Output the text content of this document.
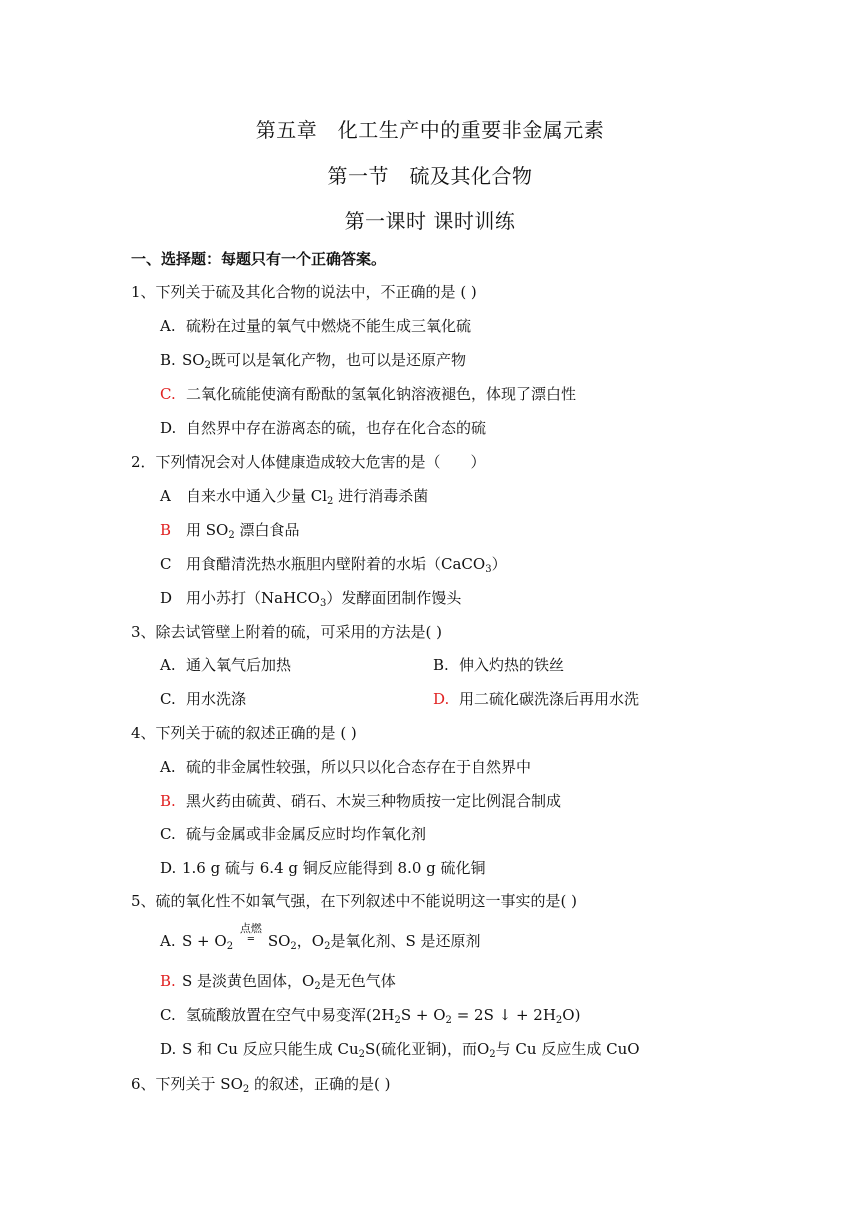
第五章　化工生产中的重要非金属元素
第一节　硫及其化合物
第一课时 课时训练
一、选择题：每题只有一个正确答案。
1、下列关于硫及其化合物的说法中，不正确的是 ( )
A. 硫粉在过量的氧气中燃烧不能生成三氧化硫
B. $SO_2$既可以是氧化产物，也可以是还原产物
C. 二氧化硫能使滴有酚酞的氢氧化钠溶液褪色，体现了漂白性
D. 自然界中存在游离态的硫，也存在化合态的硫
2．下列情况会对人体健康造成较大危害的是（　　）
A 自来水中通入少量 $Cl_2$ 进行消毒杀菌
B 用 $SO_2$ 漂白食品
C 用食醋清洗热水瓶胆内壁附着的水垢（CaCO$_3$）
D 用小苏打（NaHCO$_3$）发酵面团制作馒头
3、除去试管壁上附着的硫，可采用的方法是( )
A. 通入氧气后加热	B. 伸入灼热的铁丝
C. 用水洗涤	D. 用二硫化碳洗涤后再用水洗
4、下列关于硫的叙述正确的是 ( )
A. 硫的非金属性较强，所以只以化合态存在于自然界中
B. 黑火药由硫黄、硝石、木炭三种物质按一定比例混合制成
C. 硫与金属或非金属反应时均作氧化剂
D. 1.6 g 硫与 6.4 g 铜反应能得到 8.0 g 硫化铜
5、硫的氧化性不如氧气强，在下列叙述中不能说明这一事实的是( )
A. $S + O_2$
点燃
═ $SO_2$，$O_2$是氧化剂、S 是还原剂
B. S 是淡黄色固体，$O_2$是无色气体
C. 氢硫酸放置在空气中易变浑($2H_2S + O_2 = 2S$ ↓ + $2H_2O$)
D. S 和 Cu 反应只能生成 $Cu_2S$(硫化亚铜)，而$O_2$与 Cu 反应生成 CuO
6、下列关于 $SO_2$ 的叙述，正确的是( )
